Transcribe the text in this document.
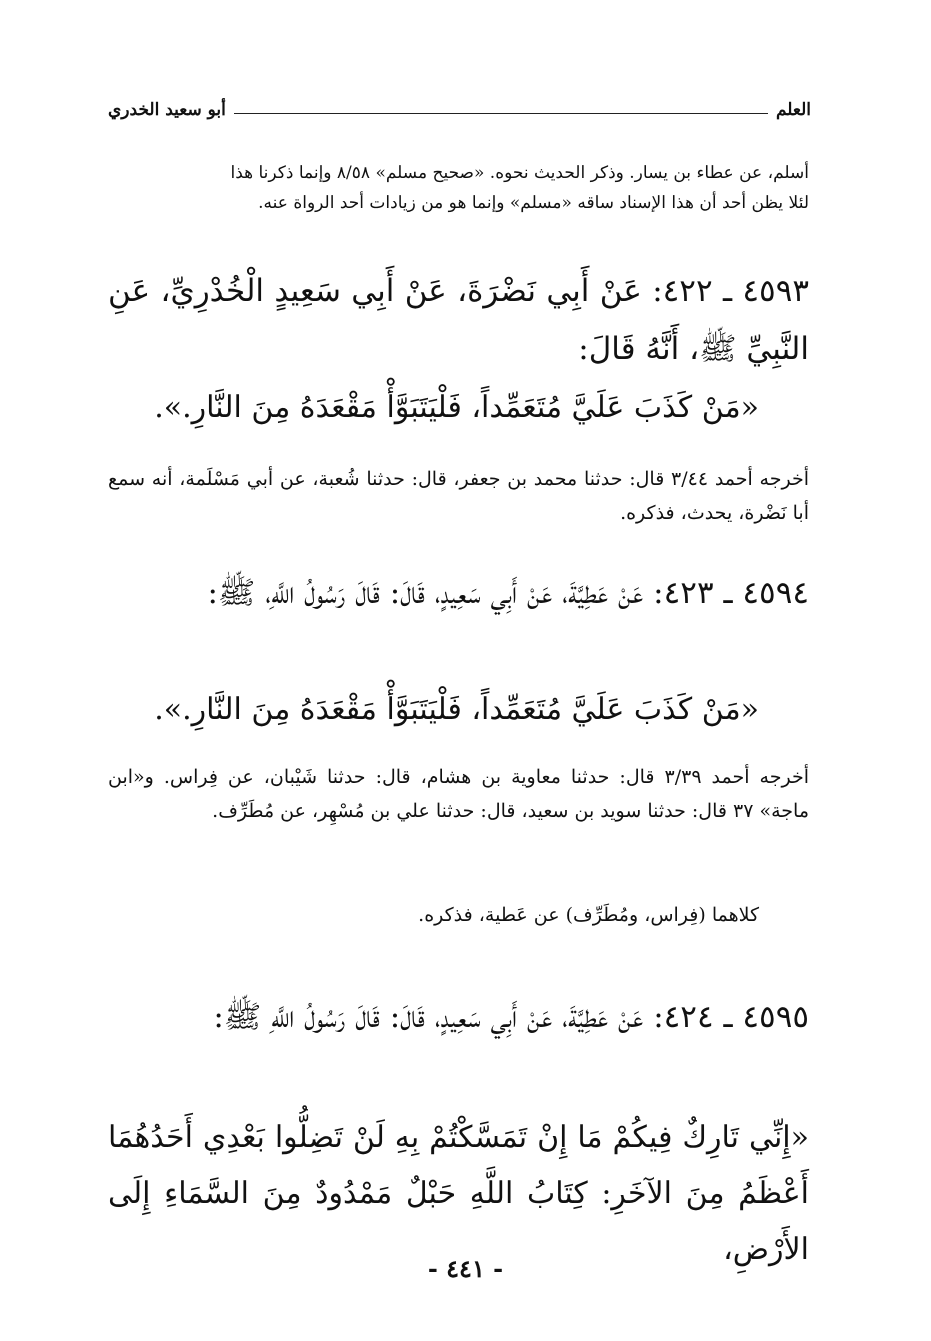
العلم
أبو سعيد الخدري
أسلم، عن عطاء بن يسار. وذكر الحديث نحوه. «صحيح مسلم» ٨/٥٨ وإنما ذكرنا هذا
لئلا يظن أحد أن هذا الإسناد ساقه «مسلم» وإنما هو من زيادات أحد الرواة عنه.
٤٥٩٣ ـ ٤٢٢: عَنْ أَبِي نَضْرَةَ، عَنْ أَبِي سَعِيدٍ الْخُدْرِيِّ، عَنِ النَّبِيِّ ﷺ، أَنَّهُ قَالَ:
«مَنْ كَذَبَ عَلَيَّ مُتَعَمِّداً، فَلْيَتَبَوَّأْ مَقْعَدَهُ مِنَ النَّارِ.».
أخرجه أحمد ٣/٤٤ قال: حدثنا محمد بن جعفر، قال: حدثنا شُعبة، عن أبي مَسْلَمة، أنه سمع أبا نَضْرة، يحدث، فذكره.
٤٥٩٤ ـ ٤٢٣: عَنْ عَطِيَّةَ، عَنْ أَبِي سَعِيدٍ، قَالَ: قَالَ رَسُولُ اللَّهِ، ﷺ:
«مَنْ كَذَبَ عَلَيَّ مُتَعَمِّداً، فَلْيَتَبَوَّأْ مَقْعَدَهُ مِنَ النَّارِ.».
أخرجه أحمد ٣/٣٩ قال: حدثنا معاوية بن هشام، قال: حدثنا شَيْبان، عن فِراس. و«ابن ماجة» ٣٧ قال: حدثنا سويد بن سعيد، قال: حدثنا علي بن مُسْهِر، عن مُطَرِّف.
كلاهما (فِراس، ومُطَرِّف) عن عَطية، فذكره.
٤٥٩٥ ـ ٤٢٤: عَنْ عَطِيَّةَ، عَنْ أَبِي سَعِيدٍ، قَالَ: قَالَ رَسُولُ اللَّهِ ﷺ:
«إِنِّي تَارِكٌ فِيكُمْ مَا إِنْ تَمَسَّكْتُمْ بِهِ لَنْ تَضِلُّوا بَعْدِي أَحَدُهُمَا أَعْظَمُ مِنَ الآخَرِ: كِتَابُ اللَّهِ حَبْلٌ مَمْدُودٌ مِنَ السَّمَاءِ إِلَى الأَرْضِ،
- ٤٤١ -
